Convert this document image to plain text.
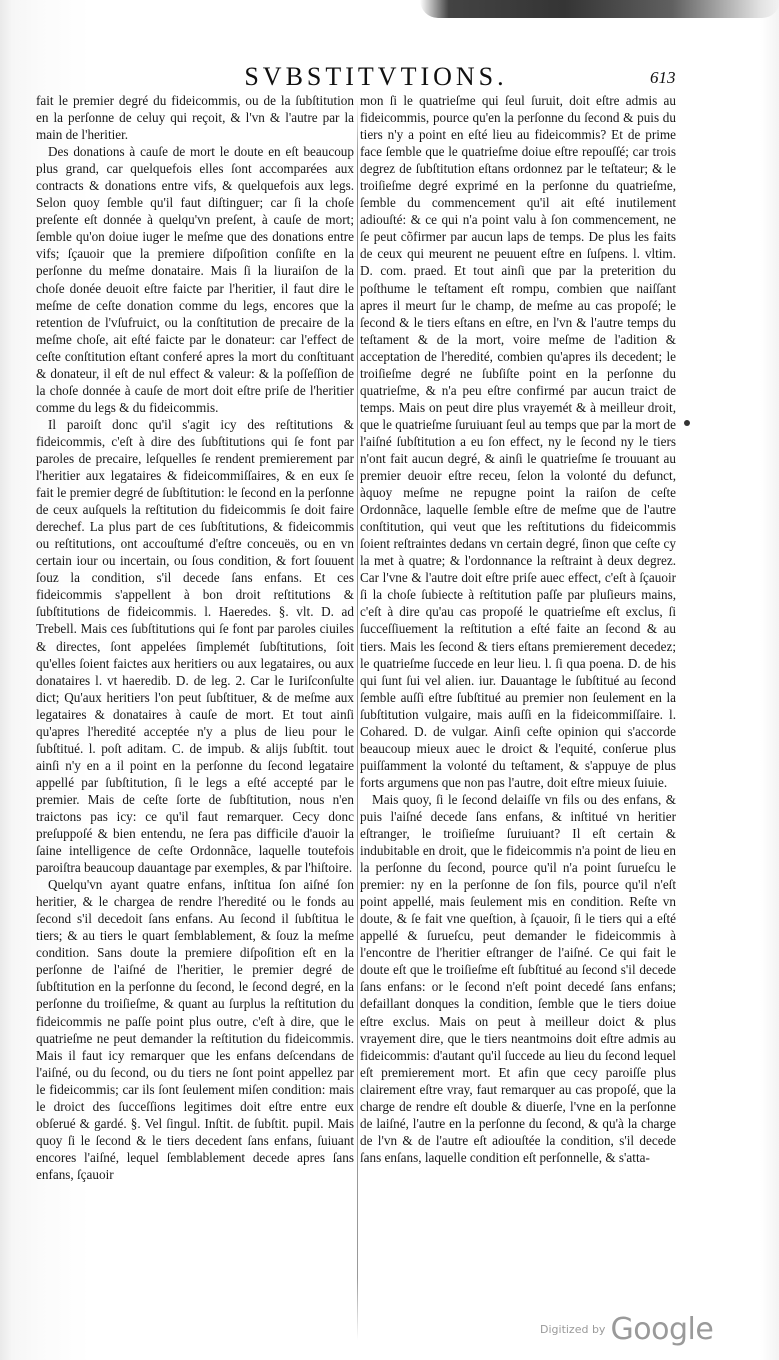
SVBSTITVTIONS.	613

fait le premier degré du fideicommis, ou de la ſubſtitution en la perſonne de celuy qui reçoit, & l'vn & l'autre par la main de l'heritier.

Des donations à cauſe de mort le doute en eſt beaucoup plus grand, car quelquefois elles ſont accomparées aux contracts & donations entre vifs, & quelquefois aux legs. Selon quoy ſemble qu'il faut diſtinguer; car ſi la choſe preſente eſt donnée à quelqu'vn preſent, à cauſe de mort; ſemble qu'on doiue iuger le meſme que des donations entre vifs; ſçauoir que la premiere diſpoſition conſiſte en la perſonne du meſme donataire. Mais ſi la liuraiſon de la choſe donée deuoit eſtre faicte par l'heritier, il faut dire le meſme de ceſte donation comme du legs, encores que la retention de l'vſufruict, ou la conſtitution de precaire de la meſme choſe, ait eſté faicte par le donateur: car l'effect de ceſte conſtitution eſtant conferé apres la mort du conſtituant & donateur, il eſt de nul effect & valeur: & la poſſeſſion de la choſe donnée à cauſe de mort doit eſtre priſe de l'heritier comme du legs & du fideicommis.

Il paroiſt donc qu'il s'agit icy des reſtitutions & fideicommis, c'eſt à dire des ſubſtitutions qui ſe font par paroles de precaire, leſquelles ſe rendent premierement par l'heritier aux legataires & fideicommiſſaires, & en eux ſe fait le premier degré de ſubſtitution: le ſecond en la perſonne de ceux auſquels la reſtitution du fideicommis ſe doit faire derechef. La plus part de ces ſubſtitutions, & fideicommis ou reſtitutions, ont accouſtumé d'eſtre conceuës, ou en vn certain iour ou incertain, ou ſous condition, & fort ſouuent ſouz la condition, s'il decede ſans enfans. Et ces fideicommis s'appellent à bon droit reſtitutions & ſubſtitutions de fideicommis. l. Haeredes. §. vlt. D. ad Trebell. Mais ces ſubſtitutions qui ſe font par paroles ciuiles & directes, ſont appelées ſimplemét ſubſtitutions, ſoit qu'elles ſoient faictes aux heritiers ou aux legataires, ou aux donataires l. vt haeredib. D. de leg. 2. Car le Iuriſconſulte dict; Qu'aux heritiers l'on peut ſubſtituer, & de meſme aux legataires & donataires à cauſe de mort. Et tout ainſi qu'apres l'heredité acceptée n'y a plus de lieu pour le ſubſtitué. l. poſt aditam. C. de impub. & alijs ſubſtit. tout ainſi n'y en a il point en la perſonne du ſecond legataire appellé par ſubſtitution, ſi le legs a eſté accepté par le premier. Mais de ceſte ſorte de ſubſtitution, nous n'en traictons pas icy: ce qu'il faut remarquer. Cecy donc preſuppoſé & bien entendu, ne ſera pas difficile d'auoir la ſaine intelligence de ceſte Ordonnãce, laquelle toutefois paroiſtra beaucoup dauantage par exemples, & par l'hiſtoire.

Quelqu'vn ayant quatre enfans, inſtitua ſon aiſné ſon heritier, & le chargea de rendre l'heredité ou le fonds au ſecond s'il decedoit ſans enfans. Au ſecond il ſubſtitua le tiers; & au tiers le quart ſemblablement, & ſouz la meſme condition. Sans doute la premiere diſpoſition eſt en la perſonne de l'aiſné de l'heritier, le premier degré de ſubſtitution en la perſonne du ſecond, le ſecond degré, en la perſonne du troiſieſme, & quant au ſurplus la reſtitution du fideicommis ne paſſe point plus outre, c'eſt à dire, que le quatrieſme ne peut demander la reſtitution du fideicommis. Mais il faut icy remarquer que les enfans deſcendans de l'aiſné, ou du ſecond, ou du tiers ne ſont point appellez par le fideicommis; car ils ſont ſeulement miſen condition: mais le droict des ſucceſſions legitimes doit eſtre entre eux obſerué & gardé. §. Vel ſingul. Inſtit. de ſubſtit. pupil. Mais quoy ſi le ſecond & le tiers decedent ſans enfans, ſuiuant encores l'aiſné, lequel ſemblablement decede apres ſans enfans, ſçauoir

mon ſi le quatrieſme qui ſeul ſuruit, doit eſtre admis au fideicommis, pource qu'en la perſonne du ſecond & puis du tiers n'y a point en eſté lieu au fideicommis? Et de prime face ſemble que le quatrieſme doiue eſtre repouſſé; car trois degrez de ſubſtitution eſtans ordonnez par le teſtateur; & le troiſieſme degré exprimé en la perſonne du quatrieſme, ſemble du commencement qu'il ait eſté inutilement adiouſté: & ce qui n'a point valu à ſon commencement, ne ſe peut cõfirmer par aucun laps de temps. De plus les faits de ceux qui meurent ne peuuent eſtre en ſuſpens. l. vltim. D. com. praed. Et tout ainſi que par la preterition du poſthume le teſtament eſt rompu, combien que naiſſant apres il meurt ſur le champ, de meſme au cas propoſé; le ſecond & le tiers eſtans en eſtre, en l'vn & l'autre temps du teſtament & de la mort, voire meſme de l'adition & acceptation de l'heredité, combien qu'apres ils decedent; le troiſieſme degré ne ſubſiſte point en la perſonne du quatrieſme, & n'a peu eſtre confirmé par aucun traict de temps. Mais on peut dire plus vrayemét & à meilleur droit, que le quatrieſme ſuruiuant ſeul au temps que par la mort de l'aiſné ſubſtitution a eu ſon effect, ny le ſecond ny le tiers n'ont fait aucun degré, & ainſi le quatrieſme ſe trouuant au premier deuoir eſtre receu, ſelon la volonté du defunct, àquoy meſme ne repugne point la raiſon de ceſte Ordonnãce, laquelle ſemble eſtre de meſme que de l'autre conſtitution, qui veut que les reſtitutions du fideicommis ſoient reſtraintes dedans vn certain degré, ſinon que ceſte cy la met à quatre; & l'ordonnance la reſtraint à deux degrez. Car l'vne & l'autre doit eſtre priſe auec effect, c'eſt à ſçauoir ſi la choſe ſubiecte à reſtitution paſſe par pluſieurs mains, c'eſt à dire qu'au cas propoſé le quatrieſme eſt exclus, ſi ſucceſſiuement la reſtitution a eſté faite an ſecond & au tiers. Mais les ſecond & tiers eſtans premierement decedez; le quatrieſme ſuccede en leur lieu. l. ſi qua poena. D. de his qui ſunt ſui vel alien. iur. Dauantage le ſubſtitué au ſecond ſemble auſſi eſtre ſubſtitué au premier non ſeulement en la ſubſtitution vulgaire, mais auſſi en la fideicommiſſaire. l. Cohared. D. de vulgar. Ainſi ceſte opinion qui s'accorde beaucoup mieux auec le droict & l'equité, conſerue plus puiſſamment la volonté du teſtament, & s'appuye de plus forts argumens que non pas l'autre, doit eſtre mieux ſuiuie.

Mais quoy, ſi le ſecond delaiſſe vn fils ou des enfans, & puis l'aiſné decede ſans enfans, & inſtitué vn heritier eſtranger, le troiſieſme ſuruiuant? Il eſt certain & indubitable en droit, que le fideicommis n'a point de lieu en la perſonne du ſecond, pource qu'il n'a point ſurueſcu le premier: ny en la perſonne de ſon fils, pource qu'il n'eſt point appellé, mais ſeulement mis en condition. Reſte vn doute, & ſe fait vne queſtion, à ſçauoir, ſi le tiers qui a eſté appellé & ſurueſcu, peut demander le fideicommis à l'encontre de l'heritier eſtranger de l'aiſné. Ce qui fait le doute eſt que le troiſieſme eſt ſubſtitué au ſecond s'il decede ſans enfans: or le ſecond n'eſt point decedé ſans enfans; defaillant donques la condition, ſemble que le tiers doiue eſtre exclus. Mais on peut à meilleur doict & plus vrayement dire, que le tiers neantmoins doit eſtre admis au fideicommis: d'autant qu'il ſuccede au lieu du ſecond lequel eſt premierement mort. Et afin que cecy paroiſſe plus clairement eſtre vray, faut remarquer au cas propoſé, que la charge de rendre eſt double & diuerſe, l'vne en la perſonne de laiſné, l'autre en la perſonne du ſecond, & qu'à la charge de l'vn & de l'autre eſt adiouſtée la condition, s'il decede ſans enſans, laquelle condition eſt perſonnelle, & s'atta-

Digitized by Google
